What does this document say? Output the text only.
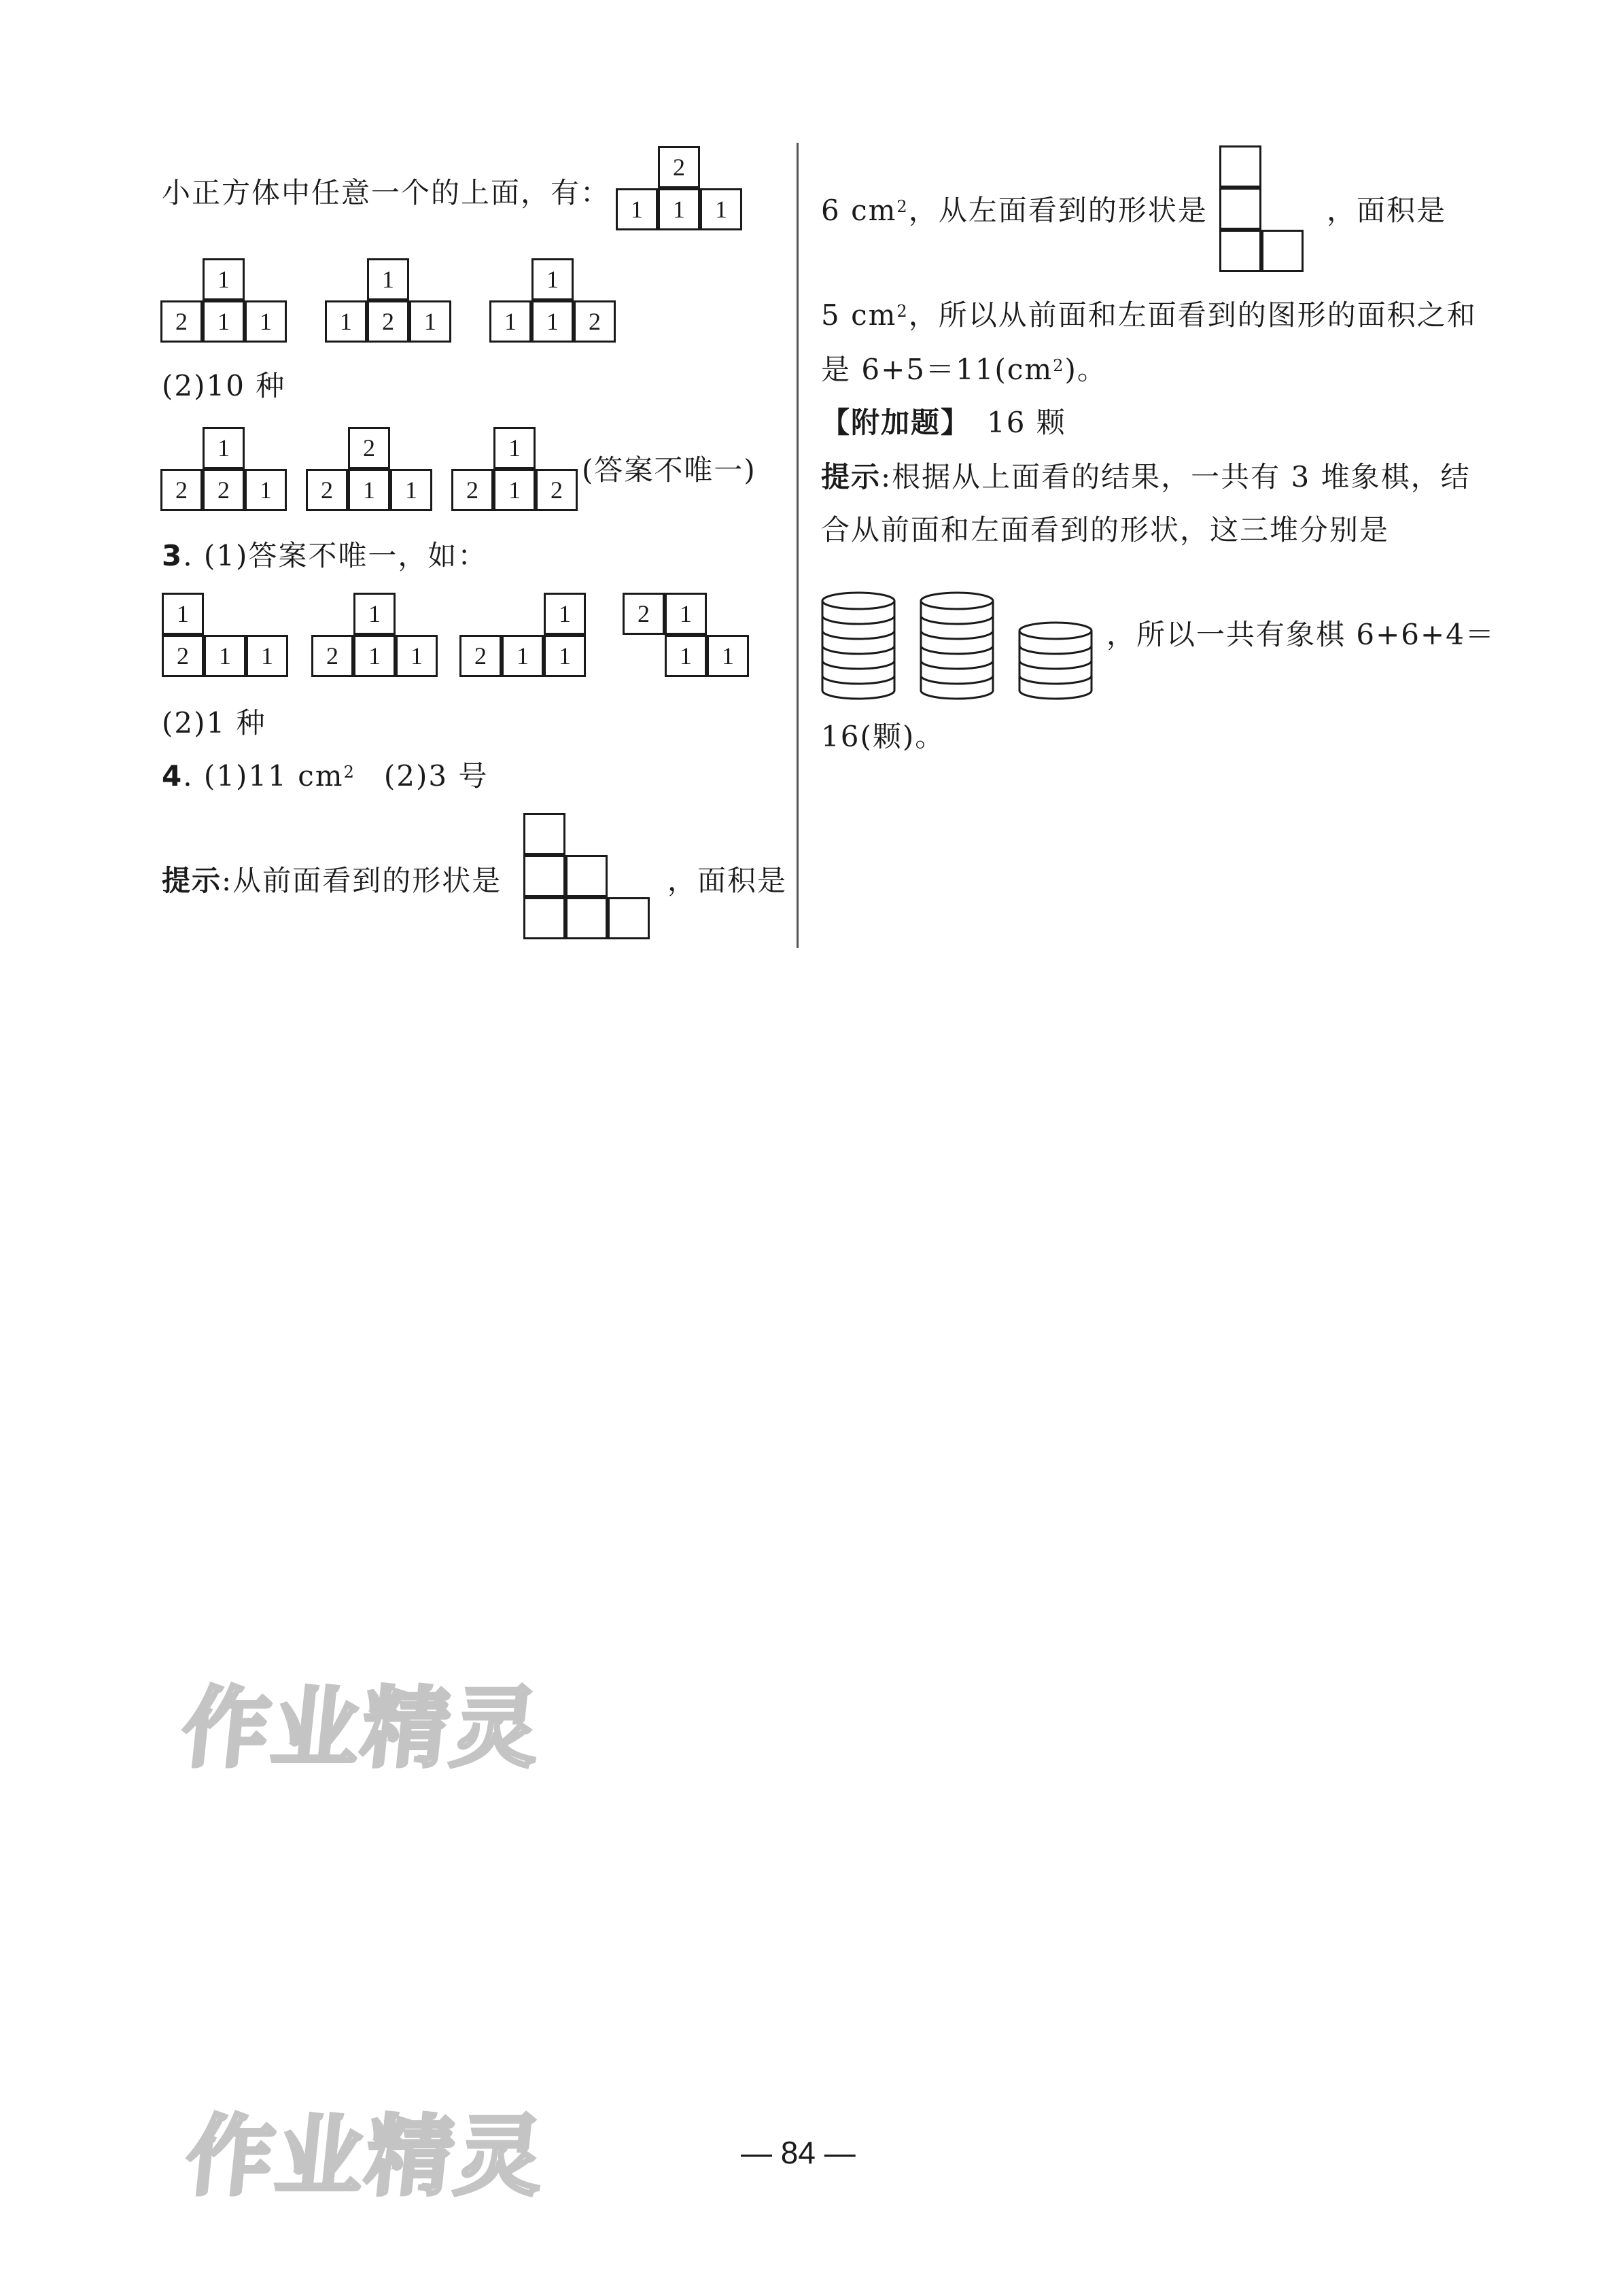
小正方体中任意一个的上面，有：
2
1	1	1
1
2	1	1
1
1	2	1
1
1	1	2
(2)10 种
1
2	2	1
2
2	1	1
1
2	1	2
(答案不唯一)
3. (1)答案不唯一，如：
1
2	1	1
1
2	1	1
1
2	1	1
2	1
1	1
(2)1 种
4. (1)11 $cm^2$ (2)3 号
提示:从前面看到的形状是	，面积是
6 $cm^2$，从左面看到的形状是	，面积是
5 $cm^2$，所以从前面和左面看到的图形的面积之和
是 $6+5=11(cm^2)$。
【附加题】 16 颗
提示:根据从上面看的结果，一共有 3 堆象棋，结
合从前面和左面看到的形状，这三堆分别是
，所以一共有象棋 6+6+4＝
16(颗)。
作业精灵
作业精灵	— 84 —
